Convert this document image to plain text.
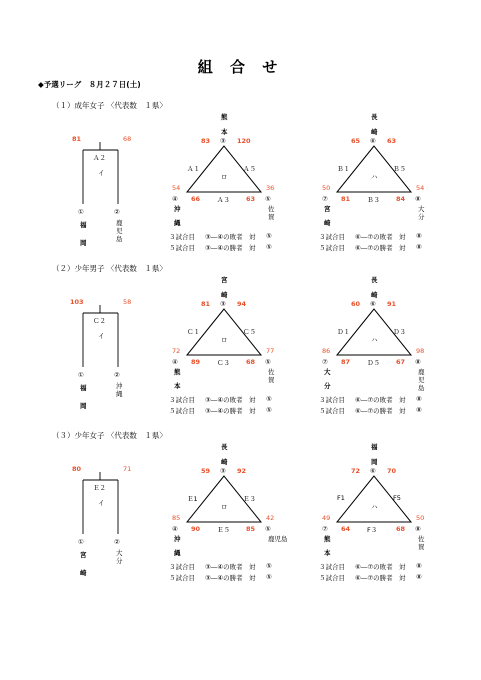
組 合 せ
◆予選リーグ　８月２７日(土)
（１）成年女子 〈代表数　１県〉
81	68
Ａ２
イ
①	②
福
岡
鹿
児
島
熊
本
③
83	120
Ａ１	Ａ５
ロ
54
66	Ａ３ 63
36
④	⑤
沖
縄
佐
賀
３試合目 ③―④の敗者 対 ⑤
５試合目 ③―④の勝者 対 ⑤
長
崎
⑥
65	63
Ｂ１	Ｂ５
ハ
50
81	Ｂ３ 84
54
⑦	⑧
宮
崎
大
分
３試合目 ⑥―⑦の敗者 対 ⑧
５試合目 ⑥―⑦の勝者 対 ⑧
（２）少年男子 〈代表数　１県〉
103	58
Ｃ２
イ
①	②
福
岡
沖
縄
宮
崎
③
81	94
Ｃ１	Ｃ５
ロ
72
89	Ｃ３ 68
77
④	⑤
熊
本
佐
賀
３試合目 ③―④の敗者 対 ⑤
５試合目 ③―④の勝者 対 ⑤
長
崎
⑥
60	91
Ｄ１	Ｄ３
ハ
86
87	Ｄ５ 67
98
⑦	⑧
大
分
鹿
児
島
３試合目 ⑥―⑦の敗者 対 ⑧
５試合目 ⑥―⑦の勝者 対 ⑧
（３）少年女子 〈代表数　１県〉
80	71
Ｅ２
イ
①	②
宮
崎
大
分
長
崎
③
59	92
Ｅ1	Ｅ３
ロ
85
90	Ｅ５ 85
42
④	⑤
沖
縄
鹿児島
３試合目 ③―④の敗者 対 ⑤
５試合目 ③―④の勝者 対 ⑤
福
岡
⑥
72	70
F1	F5
ハ
49
64	F３	68
50
⑦	⑧
熊
本
佐
賀
３試合目 ⑥―⑦の敗者 対 ⑧
５試合目 ⑥―⑦の勝者 対 ⑧
